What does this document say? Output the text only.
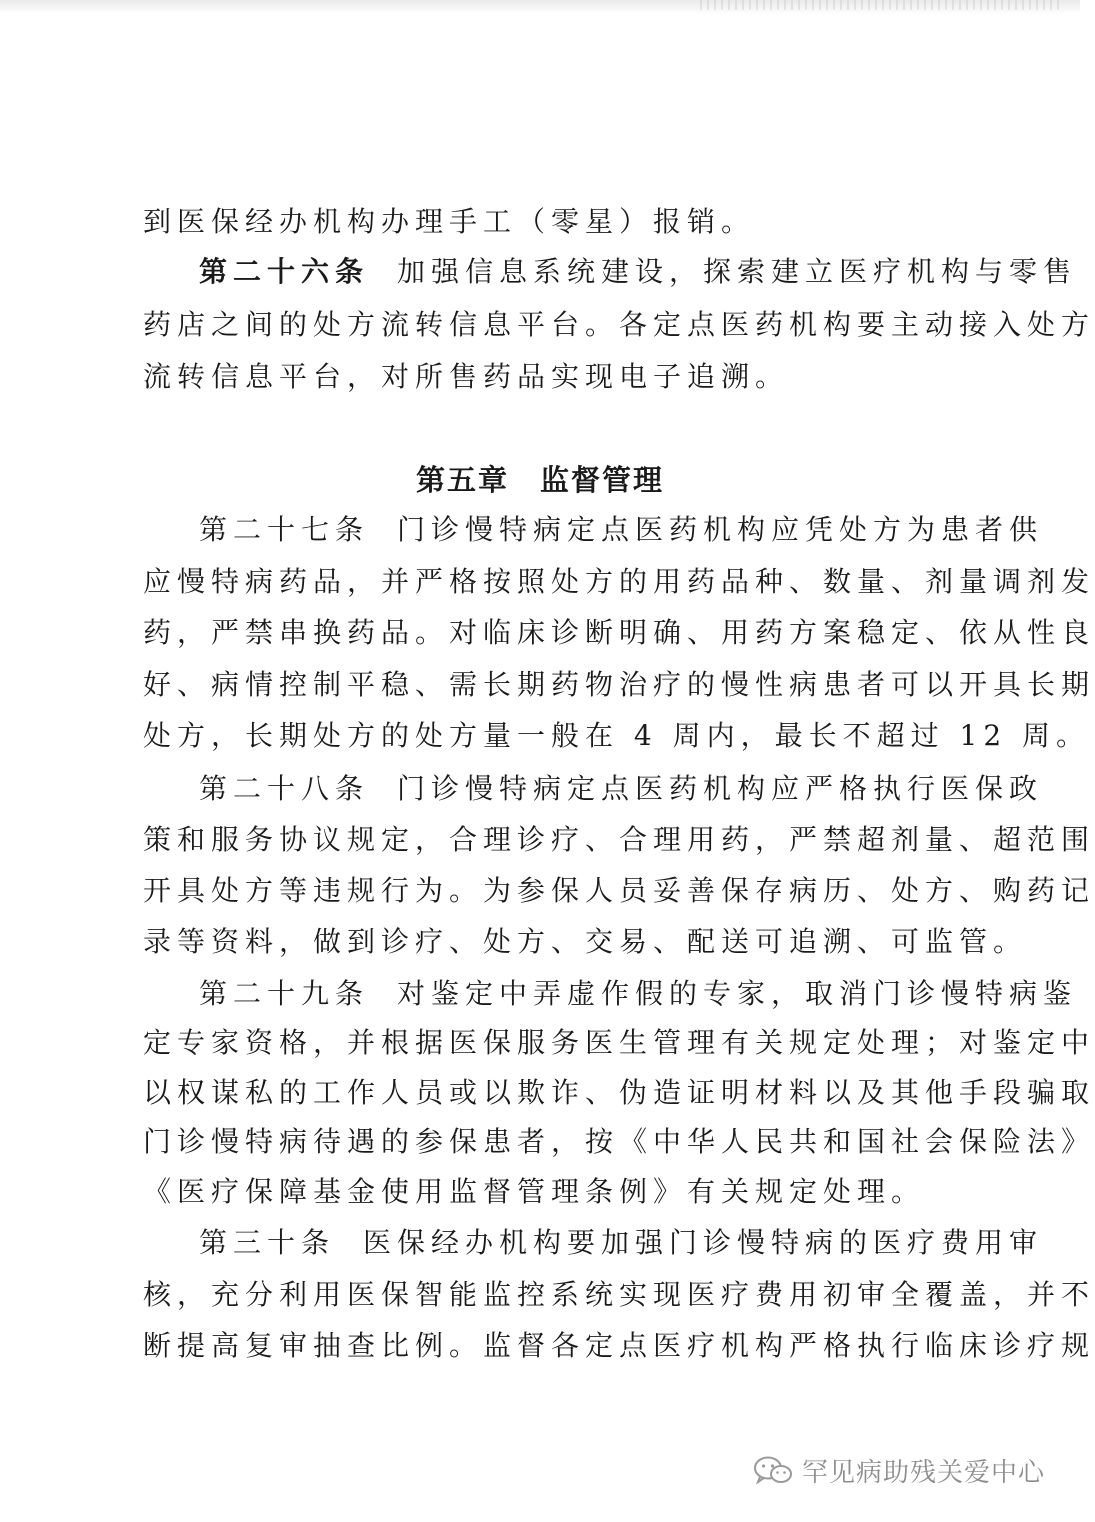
到医保经办机构办理手工（零星）报销。
第二十六条 加强信息系统建设，探索建立医疗机构与零售
药店之间的处方流转信息平台。各定点医药机构要主动接入处方
流转信息平台，对所售药品实现电子追溯。
第五章　监督管理
第二十七条 门诊慢特病定点医药机构应凭处方为患者供
应慢特病药品，并严格按照处方的用药品种、数量、剂量调剂发
药，严禁串换药品。对临床诊断明确、用药方案稳定、依从性良
好、病情控制平稳、需长期药物治疗的慢性病患者可以开具长期
处方，长期处方的处方量一般在 4 周内，最长不超过 12 周。
第二十八条 门诊慢特病定点医药机构应严格执行医保政
策和服务协议规定，合理诊疗、合理用药，严禁超剂量、超范围
开具处方等违规行为。为参保人员妥善保存病历、处方、购药记
录等资料，做到诊疗、处方、交易、配送可追溯、可监管。
第二十九条 对鉴定中弄虚作假的专家，取消门诊慢特病鉴
定专家资格，并根据医保服务医生管理有关规定处理；对鉴定中
以权谋私的工作人员或以欺诈、伪造证明材料以及其他手段骗取
门诊慢特病待遇的参保患者，按《中华人民共和国社会保险法》
《医疗保障基金使用监督管理条例》有关规定处理。
第三十条 医保经办机构要加强门诊慢特病的医疗费用审
核，充分利用医保智能监控系统实现医疗费用初审全覆盖，并不
断提高复审抽查比例。监督各定点医疗机构严格执行临床诊疗规
罕见病助残关爱中心
